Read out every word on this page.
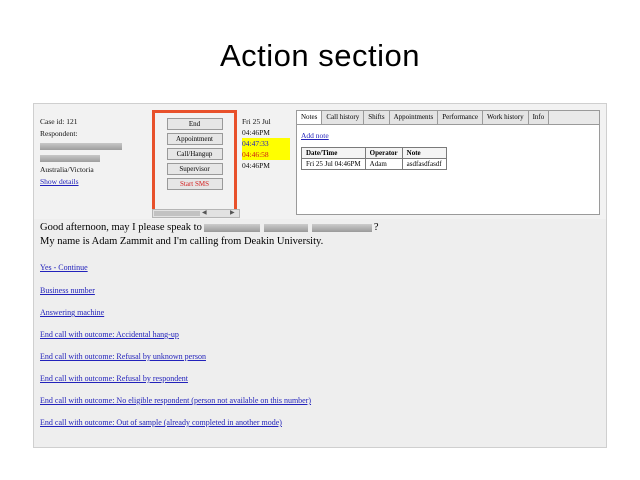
Action section
Case id: 121
Respondent:
Australia/Victoria
Show details
End
Appointment
Call/Hangup
Supervisor
Start SMS
Fri 25 Jul
04:46PM
04:47:33
04:46:58
04:46PM
Notes	Call history	Shifts	Appointments	Performance	Work history	Info
Add note
Date/Time	Operator	Note
Fri 25 Jul 04:46PM	Adam	asdfasdfasdf
◀	▶

Good afternoon, may I please speak to	?

My name is Adam Zammit and I'm calling from Deakin University.

Yes - Continue
Business number
Answering machine
End call with outcome: Accidental hang-up
End call with outcome: Refusal by unknown person
End call with outcome: Refusal by respondent
End call with outcome: No eligible respondent (person not available on this number)
End call with outcome: Out of sample (already completed in another mode)
